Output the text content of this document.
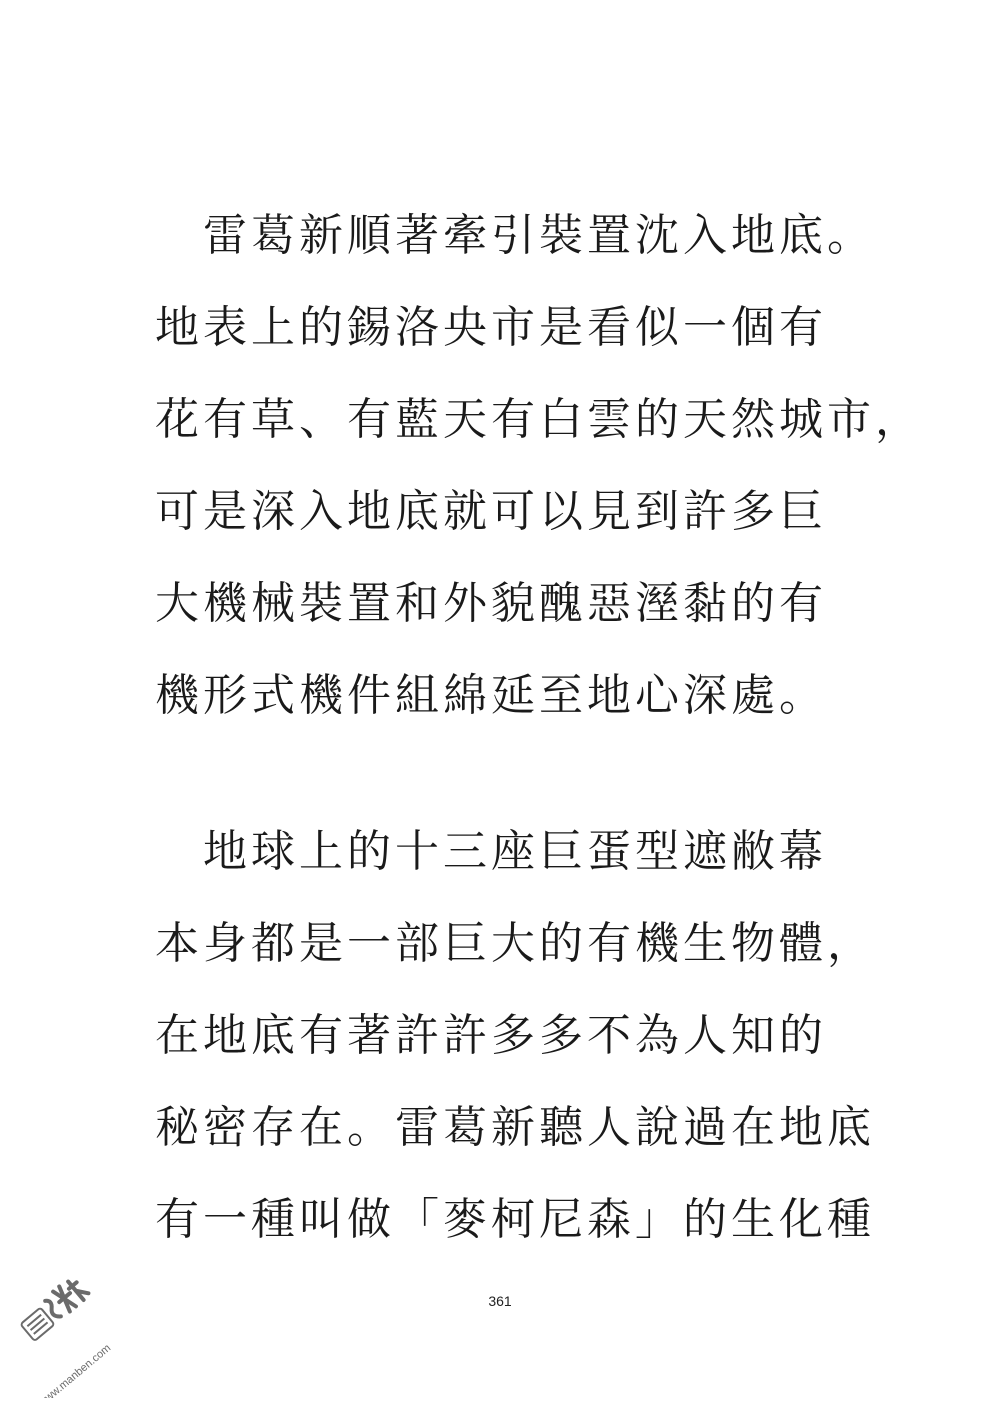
　雷葛新順著牽引裝置沈入地底。
地表上的錫洛央市是看似一個有
花有草、有藍天有白雲的天然城市，
可是深入地底就可以見到許多巨
大機械裝置和外貌醜惡溼黏的有
機形式機件組綿延至地心深處。
　地球上的十三座巨蛋型遮敝幕
本身都是一部巨大的有機生物體，
在地底有著許許多多不為人知的
秘密存在。雷葛新聽人說過在地底
有一種叫做「麥柯尼森」的生化種
361
www.manben.com
